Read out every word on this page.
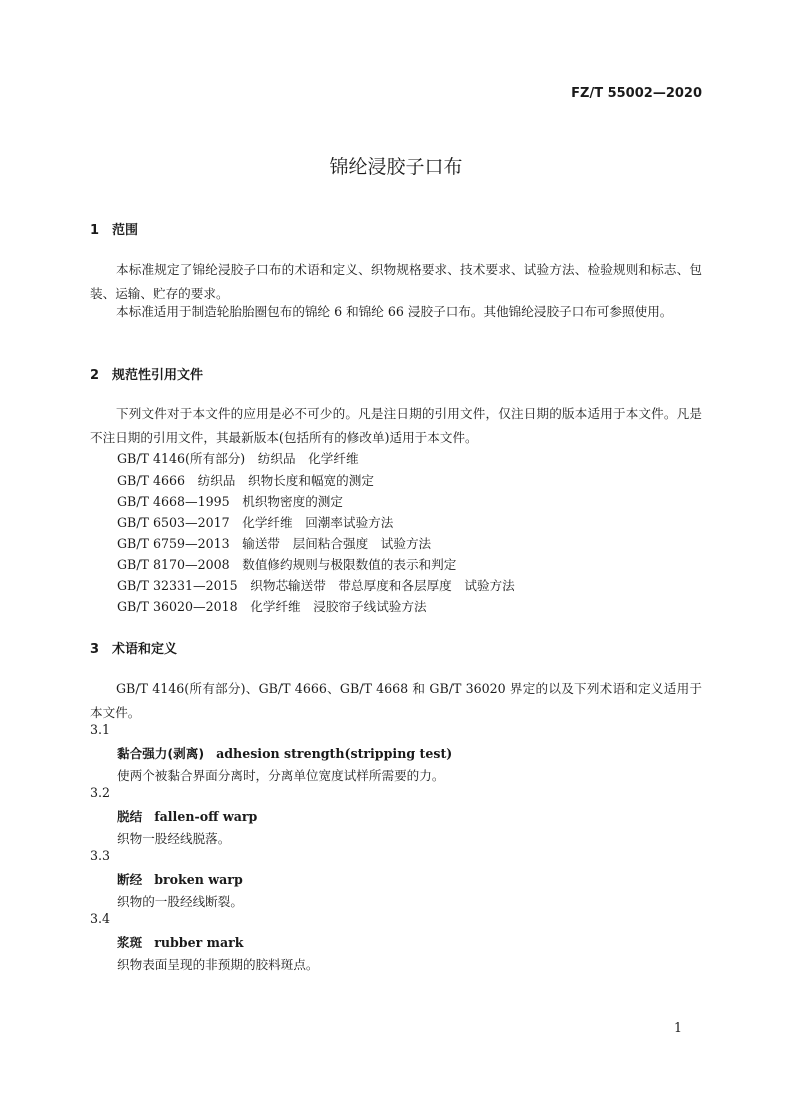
FZ/T 55002—2020
锦纶浸胶子口布
1 范围
本标准规定了锦纶浸胶子口布的术语和定义、织物规格要求、技术要求、试验方法、检验规则和标志、包装、运输、贮存的要求。
本标准适用于制造轮胎胎圈包布的锦纶 6 和锦纶 66 浸胶子口布。其他锦纶浸胶子口布可参照使用。
2 规范性引用文件
下列文件对于本文件的应用是必不可少的。凡是注日期的引用文件，仅注日期的版本适用于本文件。凡是不注日期的引用文件，其最新版本(包括所有的修改单)适用于本文件。
GB/T 4146(所有部分)　纺织品　化学纤维
GB/T 4666　纺织品　织物长度和幅宽的测定
GB/T 4668—1995　机织物密度的测定
GB/T 6503—2017　化学纤维　回潮率试验方法
GB/T 6759—2013　输送带　层间粘合强度　试验方法
GB/T 8170—2008　数值修约规则与极限数值的表示和判定
GB/T 32331—2015　织物芯输送带　带总厚度和各层厚度　试验方法
GB/T 36020—2018　化学纤维　浸胶帘子线试验方法
3 术语和定义
GB/T 4146(所有部分)、GB/T 4666、GB/T 4668 和 GB/T 36020 界定的以及下列术语和定义适用于本文件。
3.1
黏合强力(剥离) adhesion strength(stripping test)
使两个被黏合界面分离时，分离单位宽度试样所需要的力。
3.2
脱结 fallen-off warp
织物一股经线脱落。
3.3
断经 broken warp
织物的一股经线断裂。
3.4
浆斑 rubber mark
织物表面呈现的非预期的胶料斑点。
1
